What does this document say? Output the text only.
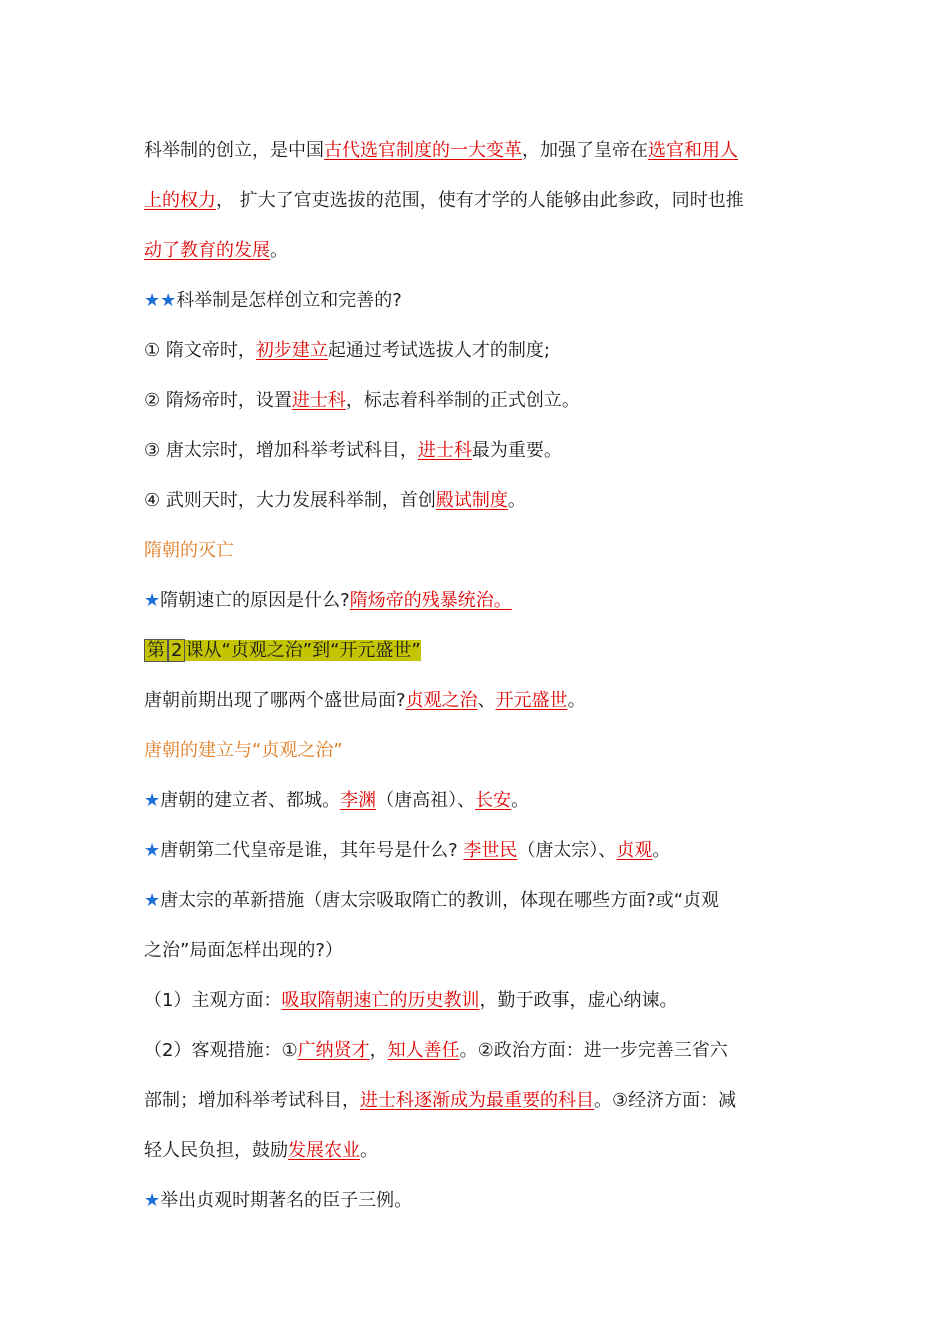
科举制的创立，是中国古代选官制度的一大变革，加强了皇帝在选官和用人
上的权力， 扩大了官吏选拔的范围，使有才学的人能够由此参政，同时也推
动了教育的发展。
★★科举制是怎样创立和完善的?
① 隋文帝时，初步建立起通过考试选拔人才的制度;
② 隋炀帝时，设置进士科，标志着科举制的正式创立。
③ 唐太宗时，增加科举考试科目，进士科最为重要。
④ 武则天时，大力发展科举制，首创殿试制度。
隋朝的灭亡
★隋朝速亡的原因是什么?隋炀帝的残暴统治。
第 2 课从“贞观之治”到“开元盛世”
唐朝前期出现了哪两个盛世局面?贞观之治、开元盛世。
唐朝的建立与“贞观之治”
★唐朝的建立者、都城。李渊（唐高祖）、长安。
★唐朝第二代皇帝是谁，其年号是什么? 李世民（唐太宗）、贞观。
★唐太宗的革新措施（唐太宗吸取隋亡的教训，体现在哪些方面?或“贞观
之治”局面怎样出现的?）
（1）主观方面：吸取隋朝速亡的历史教训，勤于政事，虚心纳谏。
（2）客观措施：①广纳贤才，知人善任。②政治方面：进一步完善三省六
部制；增加科举考试科目，进士科逐渐成为最重要的科目。③经济方面：减
轻人民负担，鼓励发展农业。
★举出贞观时期著名的臣子三例。
